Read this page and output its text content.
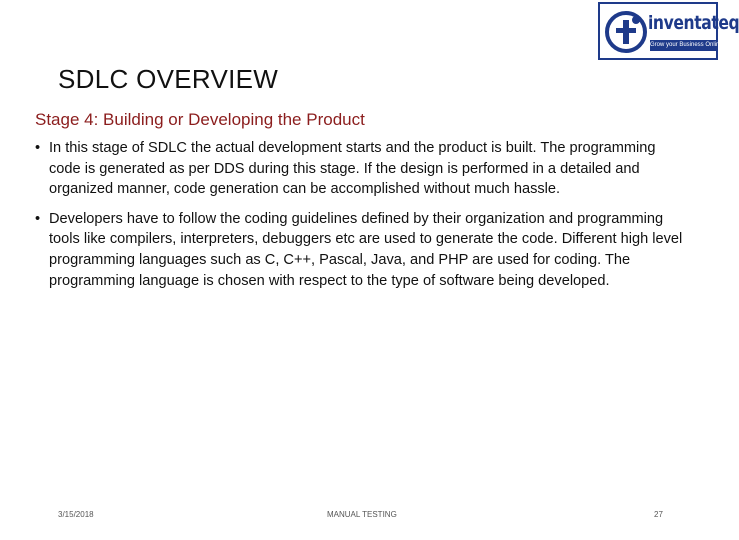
inventateq
Grow your Business Online
SDLC OVERVIEW
Stage 4: Building or Developing the Product
• In this stage of SDLC the actual development starts and the product is built. The programming code is generated as per DDS during this stage. If the design is performed in a detailed and organized manner, code generation can be accomplished without much hassle.
• Developers have to follow the coding guidelines defined by their organization and programming tools like compilers, interpreters, debuggers etc are used to generate the code. Different high level programming languages such as C, C++, Pascal, Java, and PHP are used for coding. The programming language is chosen with respect to the type of software being developed.
3/15/2018	MANUAL TESTING	27
